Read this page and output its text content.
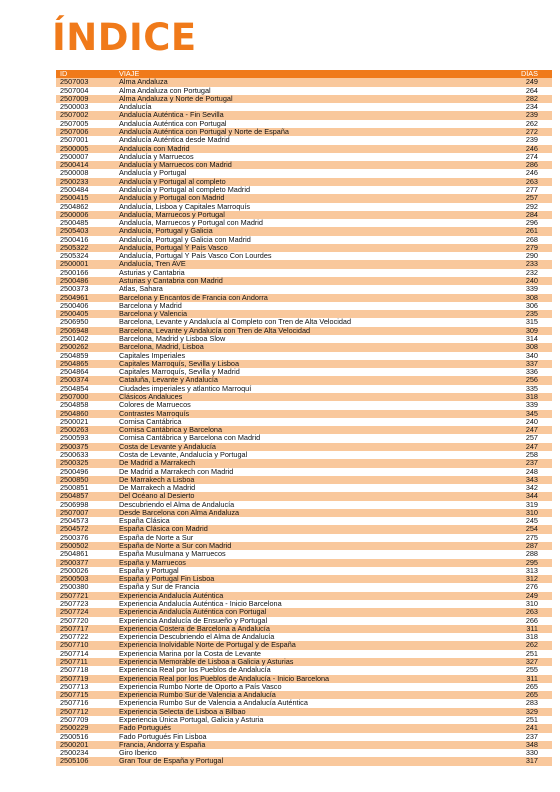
ÍNDICE
ID	VIAJE	DÍAS
2507003	Alma Andaluza	249
2507004	Alma Andaluza con Portugal	264
2507009	Alma Andaluza y Norte de Portugal	282
2500003	Andalucía	234
2507002	Andalucía Auténtica - Fin Sevilla	239
2507005	Andalucía Auténtica con Portugal	262
2507006	Andalucía Auténtica con Portugal y Norte de España	272
2507001	Andalucía Auténtica desde Madrid	239
2500005	Andalucía con Madrid	246
2500007	Andalucía y Marruecos	274
2500414	Andalucía y Marruecos con Madrid	286
2500008	Andalucía y Portugal	246
2500233	Andalucía y Portugal al completo	263
2500484	Andalucía y Portugal al completo Madrid	277
2500415	Andalucía y Portugal con Madrid	257
2504862	Andalucía, Lisboa y Capitales Marroquís	292
2500006	Andalucía, Marruecos y Portugal	284
2500485	Andalucía, Marruecos y Portugal con Madrid	296
2505403	Andalucía, Portugal y Galicia	261
2500416	Andalucía, Portugal y Galicia con Madrid	268
2505322	Andalucía, Portugal Y País Vasco	279
2505324	Andalucía, Portugal Y País Vasco Con Lourdes	290
2500001	Andalucía, Tren AVE	233
2500166	Asturias y Cantabria	232
2500486	Asturias y Cantabria con Madrid	240
2500373	Atlas, Sahara	339
2504961	Barcelona y Encantos de Francia con Andorra	308
2500406	Barcelona y Madrid	306
2500405	Barcelona y Valencia	235
2506950	Barcelona, Levante y Andalucía al Completo con Tren de Alta Velocidad	315
2506948	Barcelona, Levante y Andalucía con Tren de Alta Velocidad	309
2501402	Barcelona, Madrid y Lisboa Slow	314
2500262	Barcelona, Madrid, Lisboa	308
2504859	Capitales Imperiales	340
2504865	Capitales Marroquís, Sevilla y Lisboa	337
2504864	Capitales Marroquís, Sevilla y Madrid	336
2500374	Cataluña, Levante y Andalucía	256
2504854	Ciudades imperiales y atlantico Marroquí	335
2507000	Clásicos Andaluces	318
2504858	Colores de Marruecos	339
2504860	Contrastes Marroquís	345
2500021	Cornisa Cantábrica	240
2500263	Cornisa Cantábrica y Barcelona	247
2500593	Cornisa Cantábrica y Barcelona con Madrid	257
2500375	Costa de Levante y Andalucía	247
2500633	Costa de Levante, Andalucía y Portugal	258
2500325	De Madrid a Marrakech	237
2500496	De Madrid a Marrakech con Madrid	248
2500850	De Marrakech a Lisboa	343
2500851	De Marrakech a Madrid	342
2504857	Del Océano al Desierto	344
2506998	Descubriendo el Alma de Andalucía	319
2507007	Desde Barcelona con Alma Andaluza	310
2504573	España Clásica	245
2504572	España Clásica con Madrid	254
2500376	España de Norte a Sur	275
2500502	España de Norte a Sur con Madrid	287
2504861	España Musulmana y Marruecos	288
2500377	España y Marruecos	295
2500026	España y Portugal	313
2500503	España y Portugal Fin Lisboa	312
2500380	España y Sur de Francia	276
2507721	Experiencia Andalucía Auténtica	249
2507723	Experiencia Andalucía Auténtica - Inicio Barcelona	310
2507724	Experiencia Andalucía Auténtica con Portugal	263
2507720	Experiencia Andalucía de Ensueño y Portugal	266
2507717	Experiencia Costera de Barcelona a Andalucía	311
2507722	Experiencia Descubriendo el Alma de Andalucía	318
2507710	Experiencia Inolvidable Norte de Portugal y de España	262
2507714	Experiencia Marina por la Costa de Levante	251
2507711	Experiencia Memorable de Lisboa a Galicia y Asturias	327
2507718	Experiencia Real por los Pueblos de Andalucía	255
2507719	Experiencia Real por los Pueblos de Andalucía - Inicio Barcelona	311
2507713	Experiencia Rumbo Norte de Oporto a País Vasco	265
2507715	Experiencia Rumbo Sur de Valencia a Andalucía	265
2507716	Experiencia Rumbo Sur de Valencia a Andalucía Auténtica	283
2507712	Experiencia Selecta de Lisboa a Bilbao	329
2507709	Experiencia Única Portugal, Galicia y Asturia	251
2500229	Fado Portugués	241
2500516	Fado Portugués Fin Lisboa	237
2500201	Francia, Andorra y España	348
2500234	Giro Iberico	330
2505106	Gran Tour de España y Portugal	317
